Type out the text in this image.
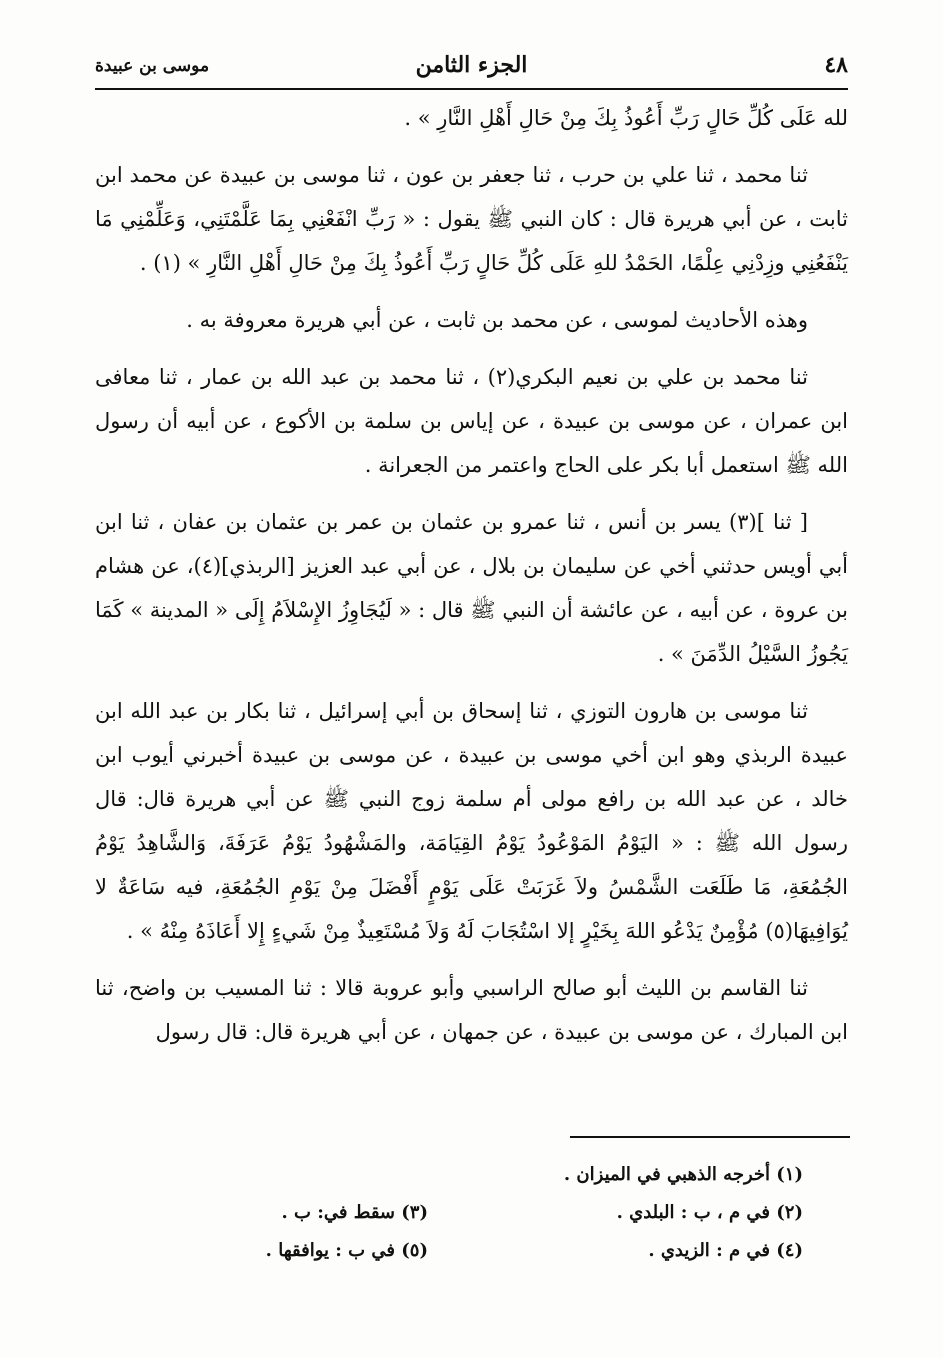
٤٨
الجزء الثامن
موسى بن عبيدة

لله عَلَى كُلِّ حَالٍ رَبِّ أَعُوذُ بِكَ مِنْ حَالِ أَهْلِ النَّارِ » .

ثنا محمد ، ثنا علي بن حرب ، ثنا جعفر بن عون ، ثنا موسى بن عبيدة عن محمد ابن ثابت ، عن أبي هريرة قال : كان النبي ﷺ يقول : « رَبِّ انْفَعْنِي بِمَا عَلَّمْتَنِي، وَعَلِّمْنِي مَا يَنْفَعُنِي وزِدْنِي عِلْمًا، الحَمْدُ للهِ عَلَى كُلِّ حَالٍ رَبِّ أَعُوذُ بِكَ مِنْ حَالِ أَهْلِ النَّارِ » (١) .

وهذه الأحاديث لموسى ، عن محمد بن ثابت ، عن أبي هريرة معروفة به .

ثنا محمد بن علي بن نعيم البكري(٢) ، ثنا محمد بن عبد الله بن عمار ، ثنا معافى ابن عمران ، عن موسى بن عبيدة ، عن إياس بن سلمة بن الأكوع ، عن أبيه أن رسول الله ﷺ استعمل أبا بكر على الحاج واعتمر من الجعرانة .

[ ثنا ](٣) يسر بن أنس ، ثنا عمرو بن عثمان بن عمر بن عثمان بن عفان ، ثنا ابن أبي أويس حدثني أخي عن سليمان بن بلال ، عن أبي عبد العزيز [الربذي](٤)، عن هشام بن عروة ، عن أبيه ، عن عائشة أن النبي ﷺ قال : « لَيُجَاوِزُ الإِسْلاَمُ إِلَى « المدينة » كَمَا يَجُوزُ السَّيْلُ الدِّمَنَ » .

ثنا موسى بن هارون التوزي ، ثنا إسحاق بن أبي إسرائيل ، ثنا بكار بن عبد الله ابن عبيدة الربذي وهو ابن أخي موسى بن عبيدة ، عن موسى بن عبيدة أخبرني أيوب ابن خالد ، عن عبد الله بن رافع مولى أم سلمة زوج النبي ﷺ عن أبي هريرة قال: قال رسول الله ﷺ : « اليَوْمُ المَوْعُودُ يَوْمُ القِيَامَة، والمَشْهُودُ يَوْمُ عَرَفَةَ، وَالشَّاهِدُ يَوْمُ الجُمُعَةِ، مَا طَلَعَت الشَّمْسُ ولاَ غَرَبَتْ عَلَى يَوْمٍ أَفْضَلَ مِنْ يَوْمِ الجُمُعَةِ، فيه سَاعَةٌ لا يُوَافِيهَا(٥) مُؤْمِنٌ يَدْعُو اللهَ بِخَيْرٍ إلا اسْتُجَابَ لَهُ وَلاَ مُسْتَعِيذٌ مِنْ شَيءٍ إِلا أَعَاذَهُ مِنْهُ » .

ثنا القاسم بن الليث أبو صالح الراسبي وأبو عروبة قالا : ثنا المسيب بن واضح، ثنا ابن المبارك ، عن موسى بن عبيدة ، عن جمهان ، عن أبي هريرة قال: قال رسول

(١) أخرجه الذهبي في الميزان .
(٢) في م ، ب : البلدي .
(٣) سقط في: ب .
(٤) في م : الزيدي .
(٥) في ب : يوافقها .
